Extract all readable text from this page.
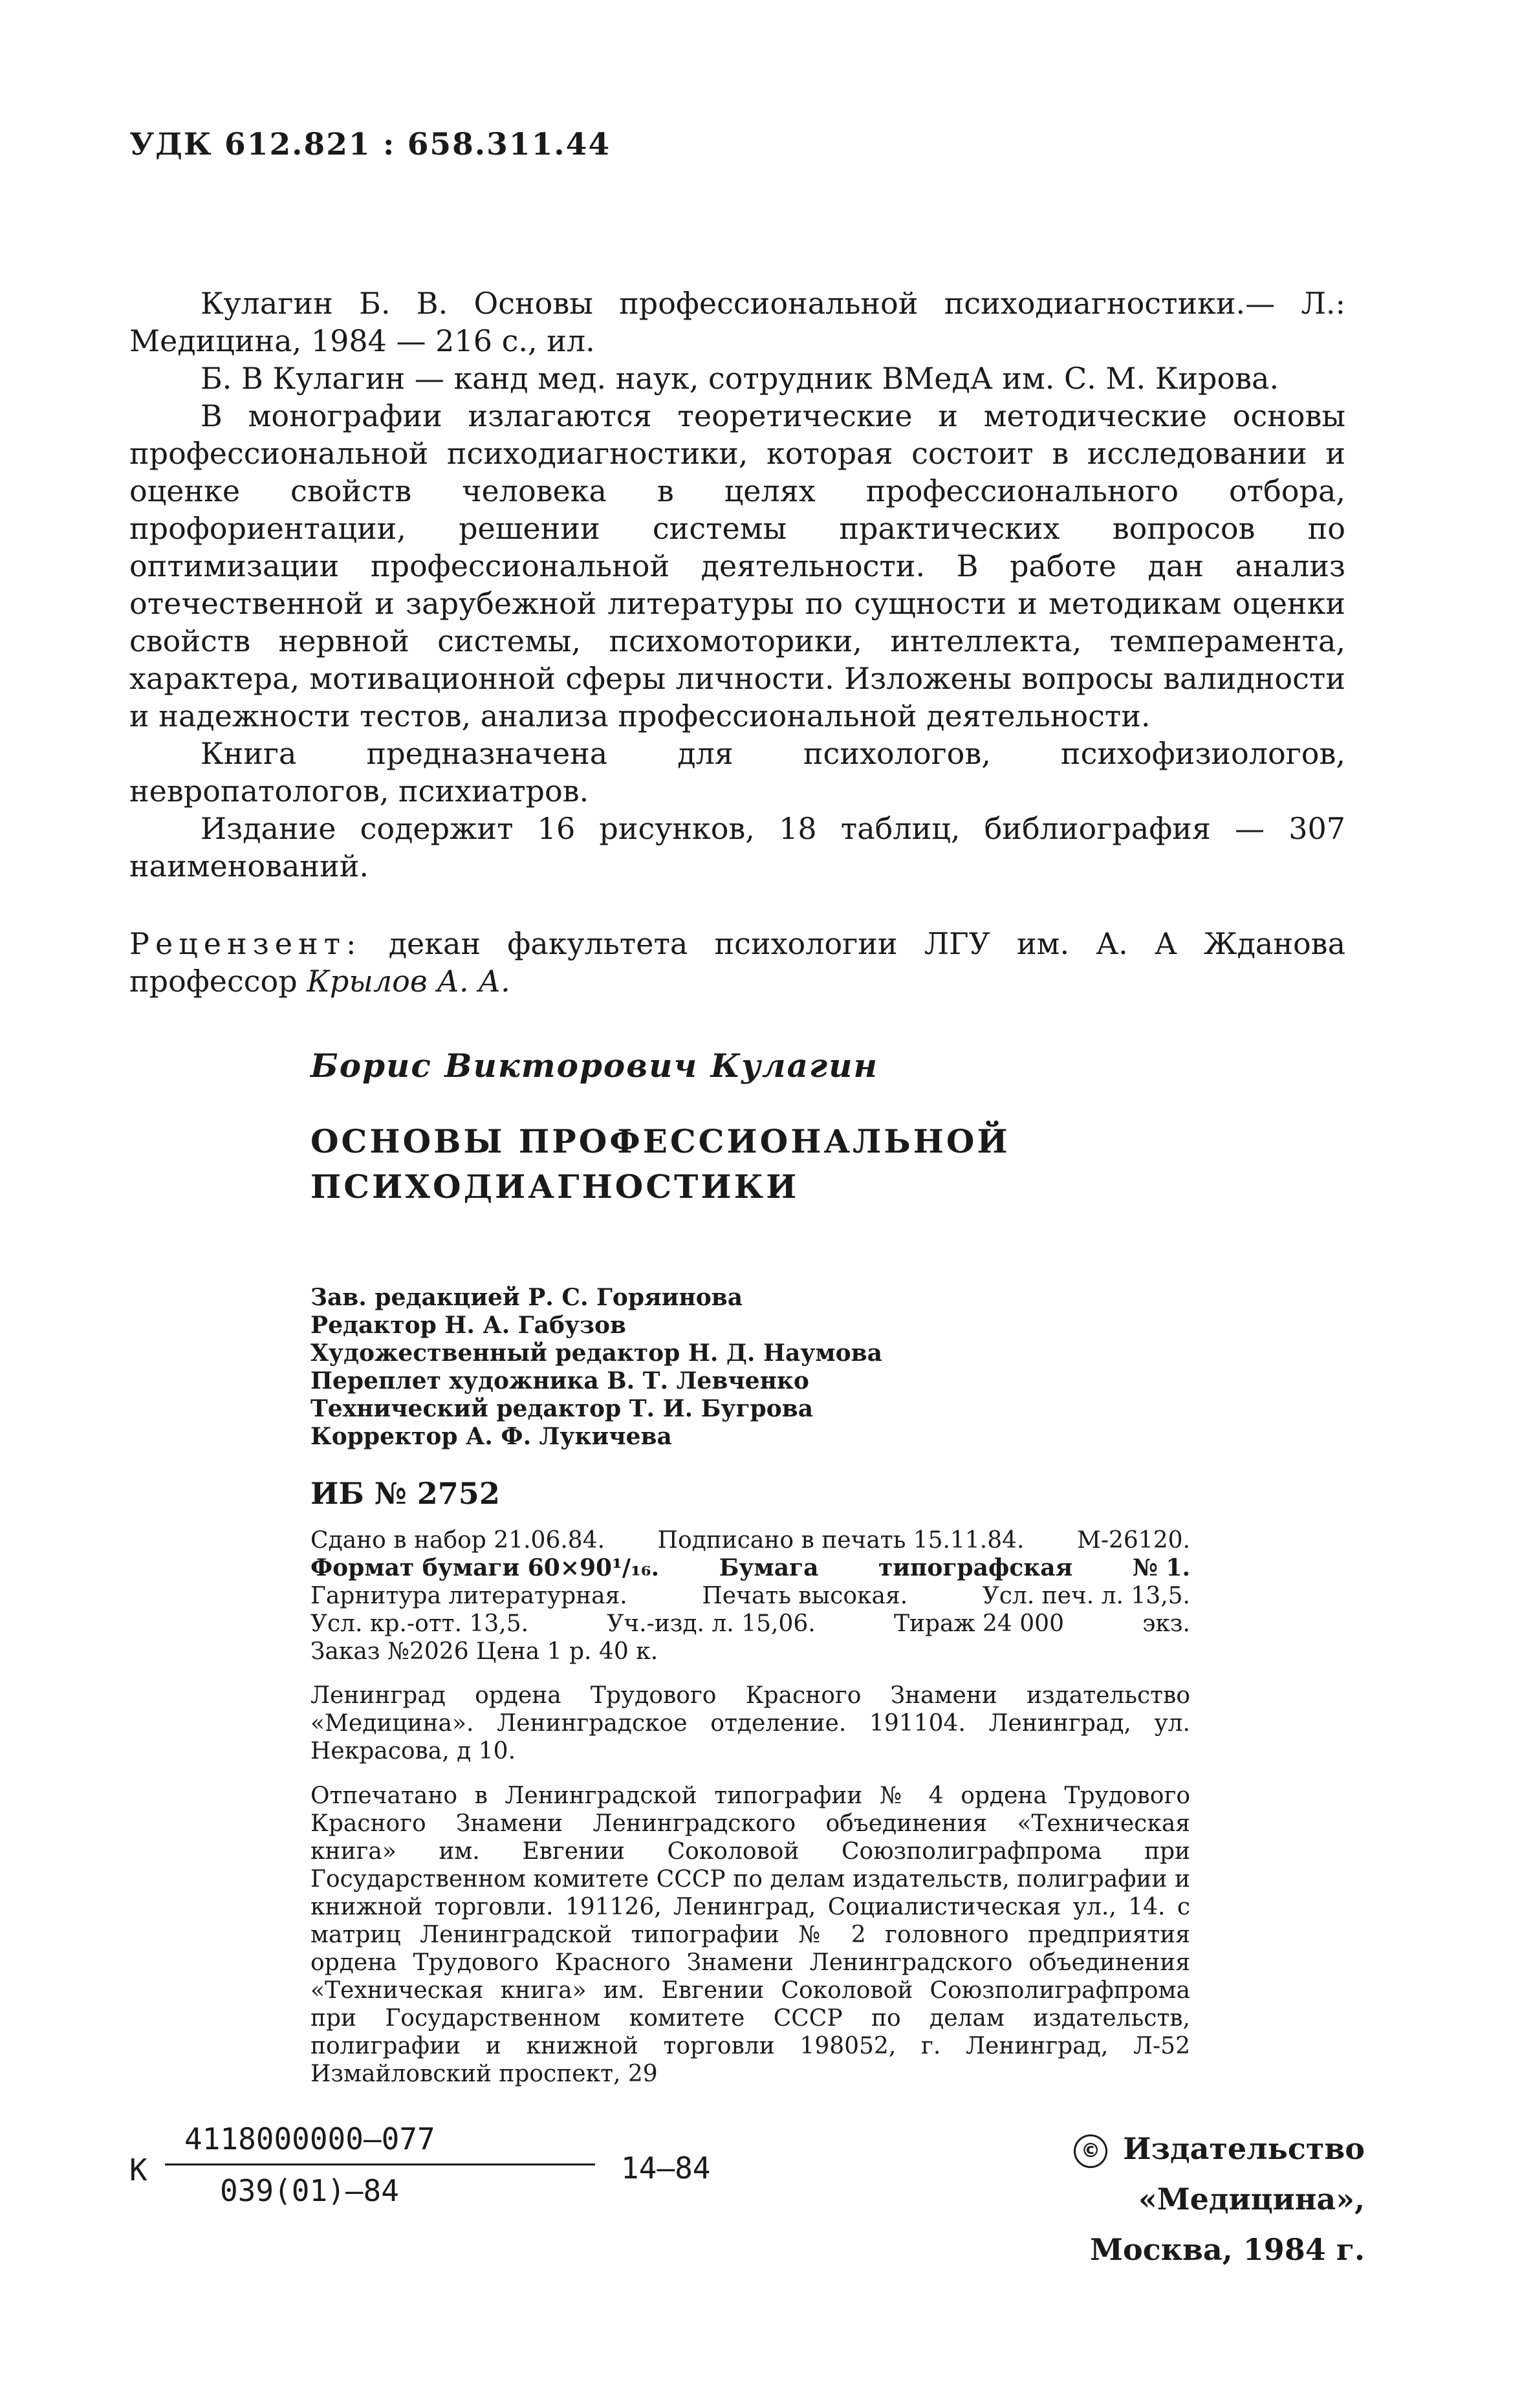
УДК 612.821 : 658.311.44

Кулагин Б. В. Основы профессиональной психодиагностики.— Л.: Медицина, 1984 — 216 с., ил.

Б. В Кулагин — канд мед. наук, сотрудник ВМедА им. С. М. Кирова.

В монографии излагаются теоретические и методические основы профессиональной психодиагностики, которая состоит в исследовании и оценке свойств человека в целях профессионального отбора, профориентации, решении системы практических вопросов по оптимизации профессиональной деятельности. В работе дан анализ отечественной и зарубежной литературы по сущности и методикам оценки свойств нервной системы, психомоторики, интеллекта, темперамента, характера, мотивационной сферы личности. Изложены вопросы валидности и надежности тестов, анализа профессиональной деятельности.

Книга предназначена для психологов, психофизиологов, невропатологов, психиатров.

Издание содержит 16 рисунков, 18 таблиц, библиография — 307 наименований.

Рецензент: декан факультета психологии ЛГУ им. А. А Жданова профессор Крылов А. А.
Борис Викторович Кулагин
ОСНОВЫ ПРОФЕССИОНАЛЬНОЙ
ПСИХОДИАГНОСТИКИ
Зав. редакцией Р. С. Горяинова
Редактор Н. А. Габузов
Художественный редактор Н. Д. Наумова
Переплет художника В. Т. Левченко
Технический редактор Т. И. Бугрова
Корректор А. Ф. Лукичева
ИБ № 2752
Сдано в набор 21.06.84. Подписано в печать 15.11.84. М-26120.
Формат бумаги 60×90¹/₁₆.	Бумага	типографская	№ 1.
Гарнитура литературная.	Печать высокая.	Усл. печ. л. 13,5.
Усл. кр.-отт. 13,5.	Уч.-изд. л. 15,06.	Тираж 24 000	экз.
Заказ №2026 Цена 1 р. 40 к.
Ленинград ордена Трудового Красного Знамени издательство «Медицина». Ленинградское отделение. 191104. Ленинград, ул. Некрасова, д 10.
Отпечатано в Ленинградской типографии № 4 ордена Трудового Красного Знамени Ленинградского объединения «Техническая книга» им. Евгении Соколовой Союзполиграфпрома при Государственном комитете СССР по делам издательств, полиграфии и книжной торговли. 191126, Ленинград, Социалистическая ул., 14. с матриц Ленинградской типографии № 2 головного предприятия ордена Трудового Красного Знамени Ленинградского объединения «Техническая книга» им. Евгении Соколовой Союзполиграфпрома при Государственном комитете СССР по делам издательств, полиграфии и книжной торговли 198052, г. Ленинград, Л-52 Измайловский проспект, 29
К
4118000000—077
039(01)—84
14—84	© Издательство «Медицина»,
Москва, 1984 г.
